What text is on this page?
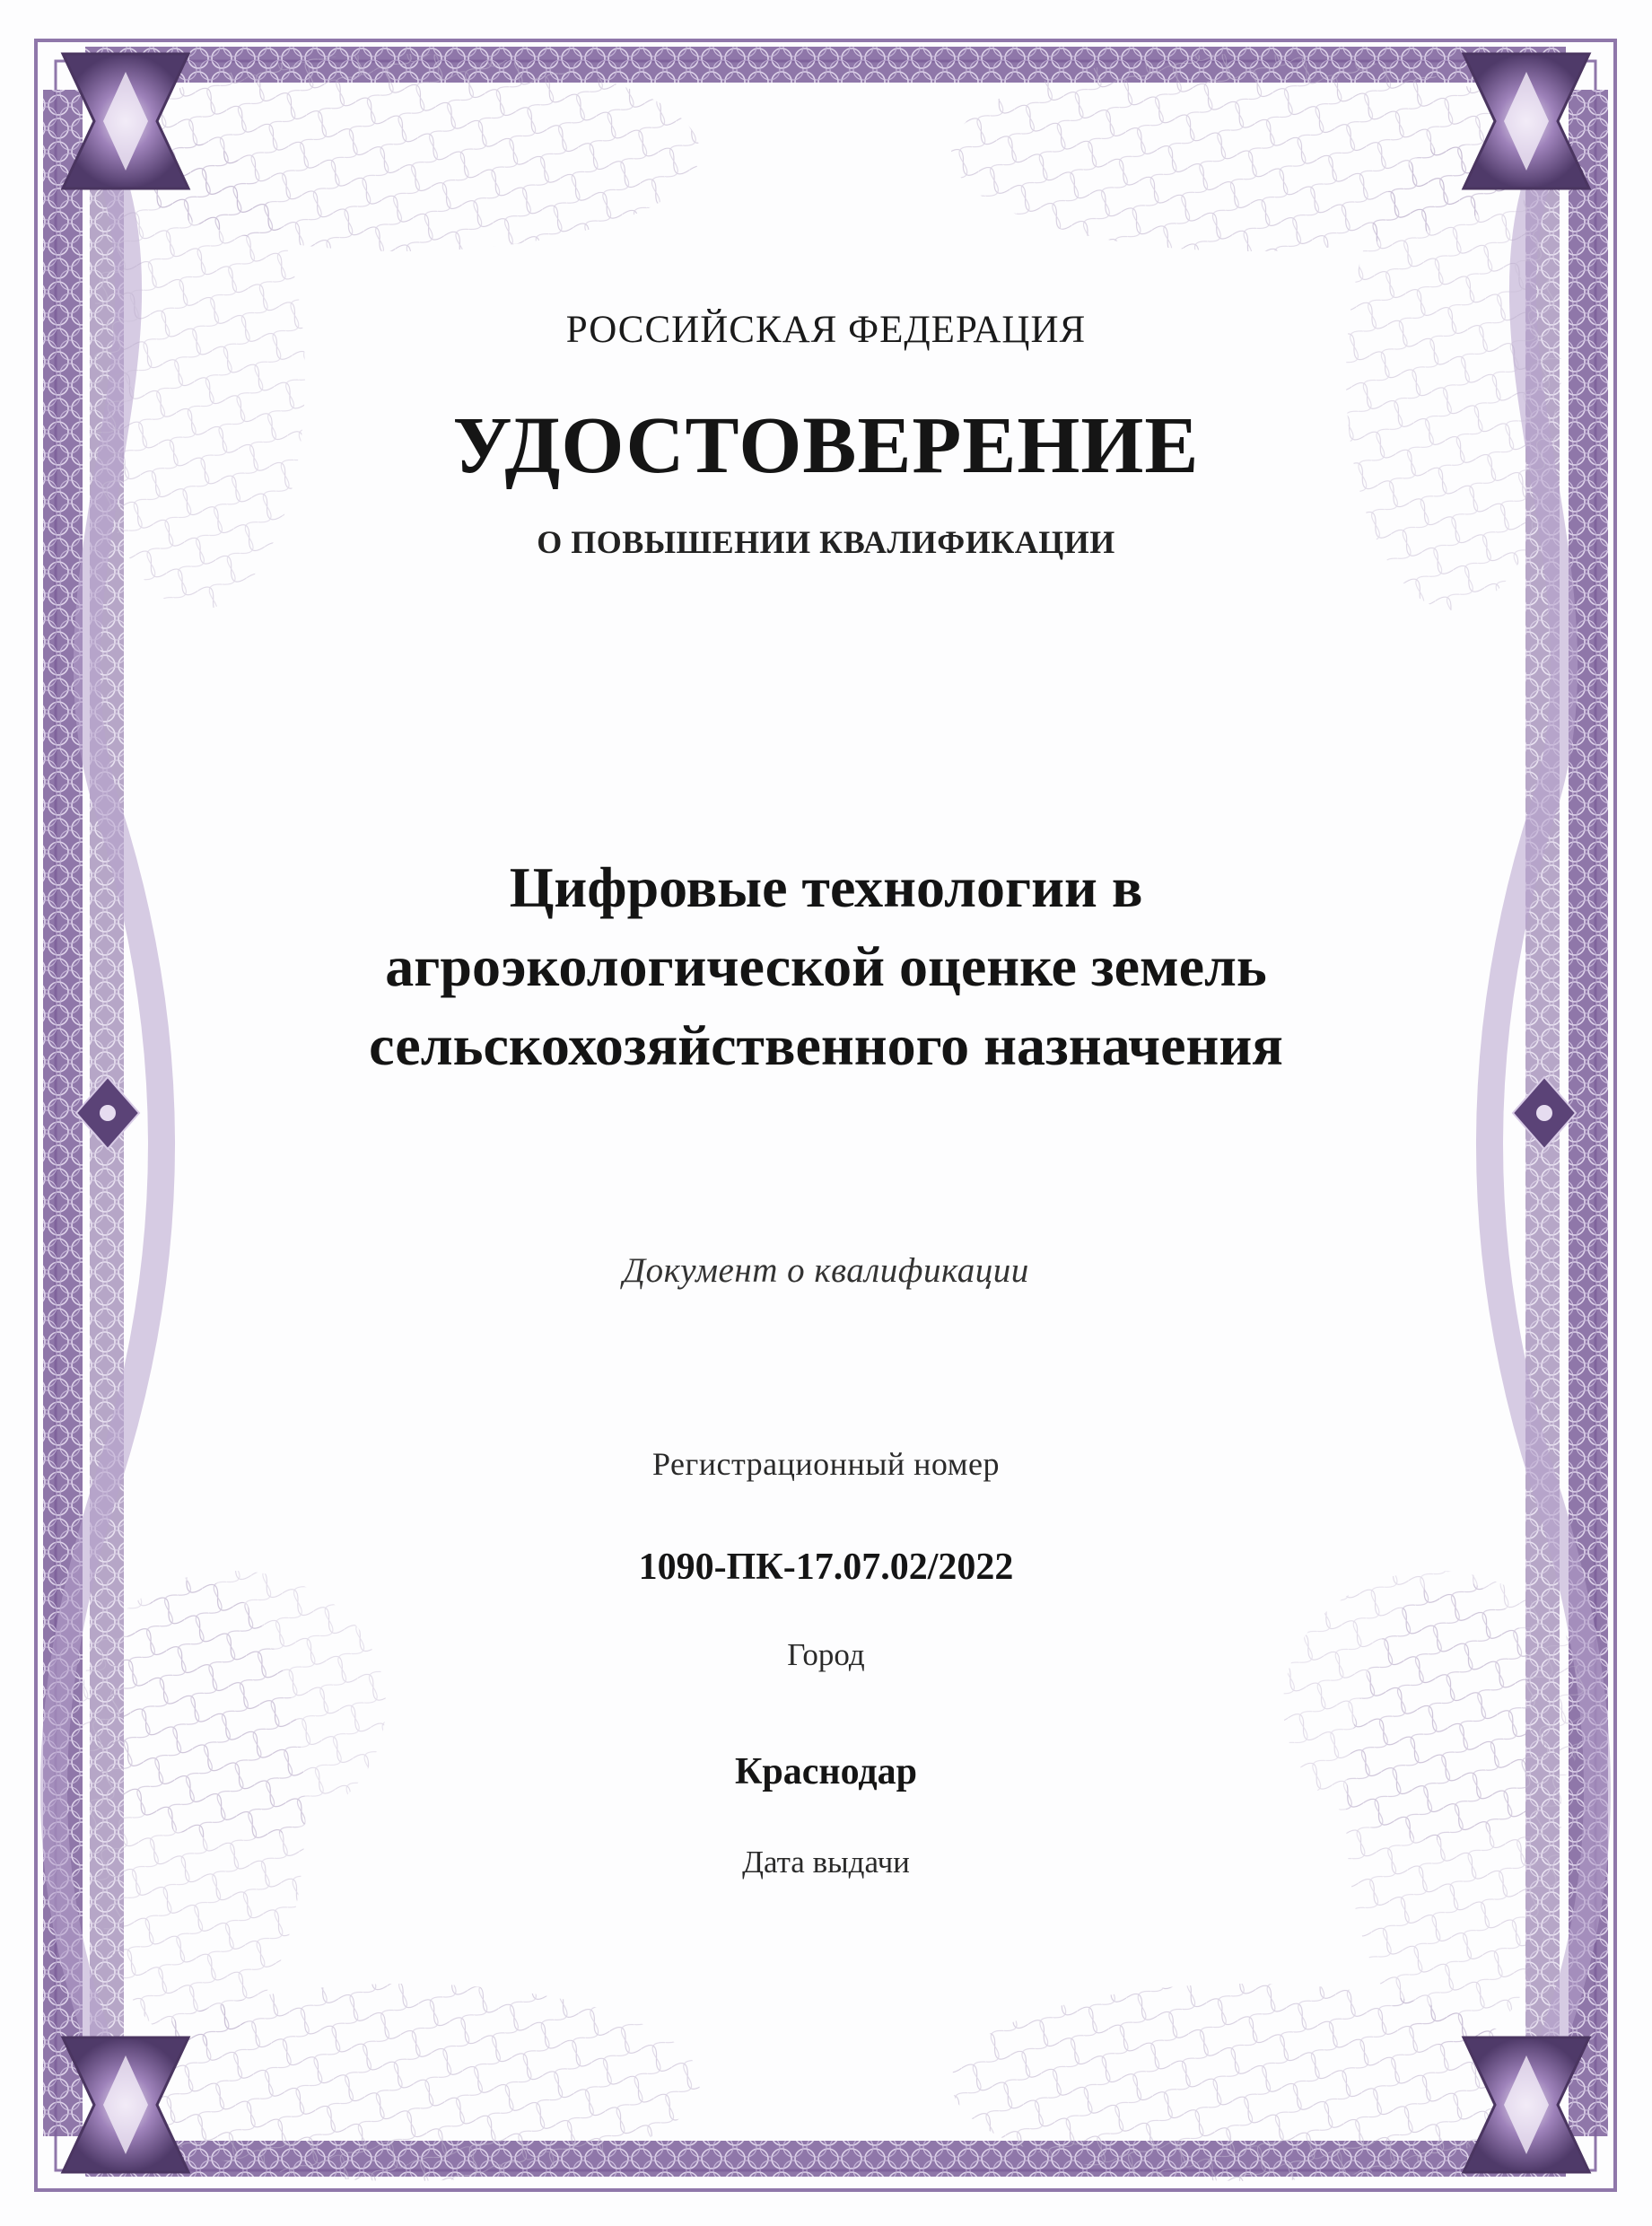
РОССИЙСКАЯ ФЕДЕРАЦИЯ
УДОСТОВЕРЕНИЕ
О ПОВЫШЕНИИ КВАЛИФИКАЦИИ
Цифровые технологии в
агроэкологической оценке земель
сельскохозяйственного назначения
Документ о квалификации
Регистрационный номер
1090-ПК-17.07.02/2022
Город
Краснодар
Дата выдачи
